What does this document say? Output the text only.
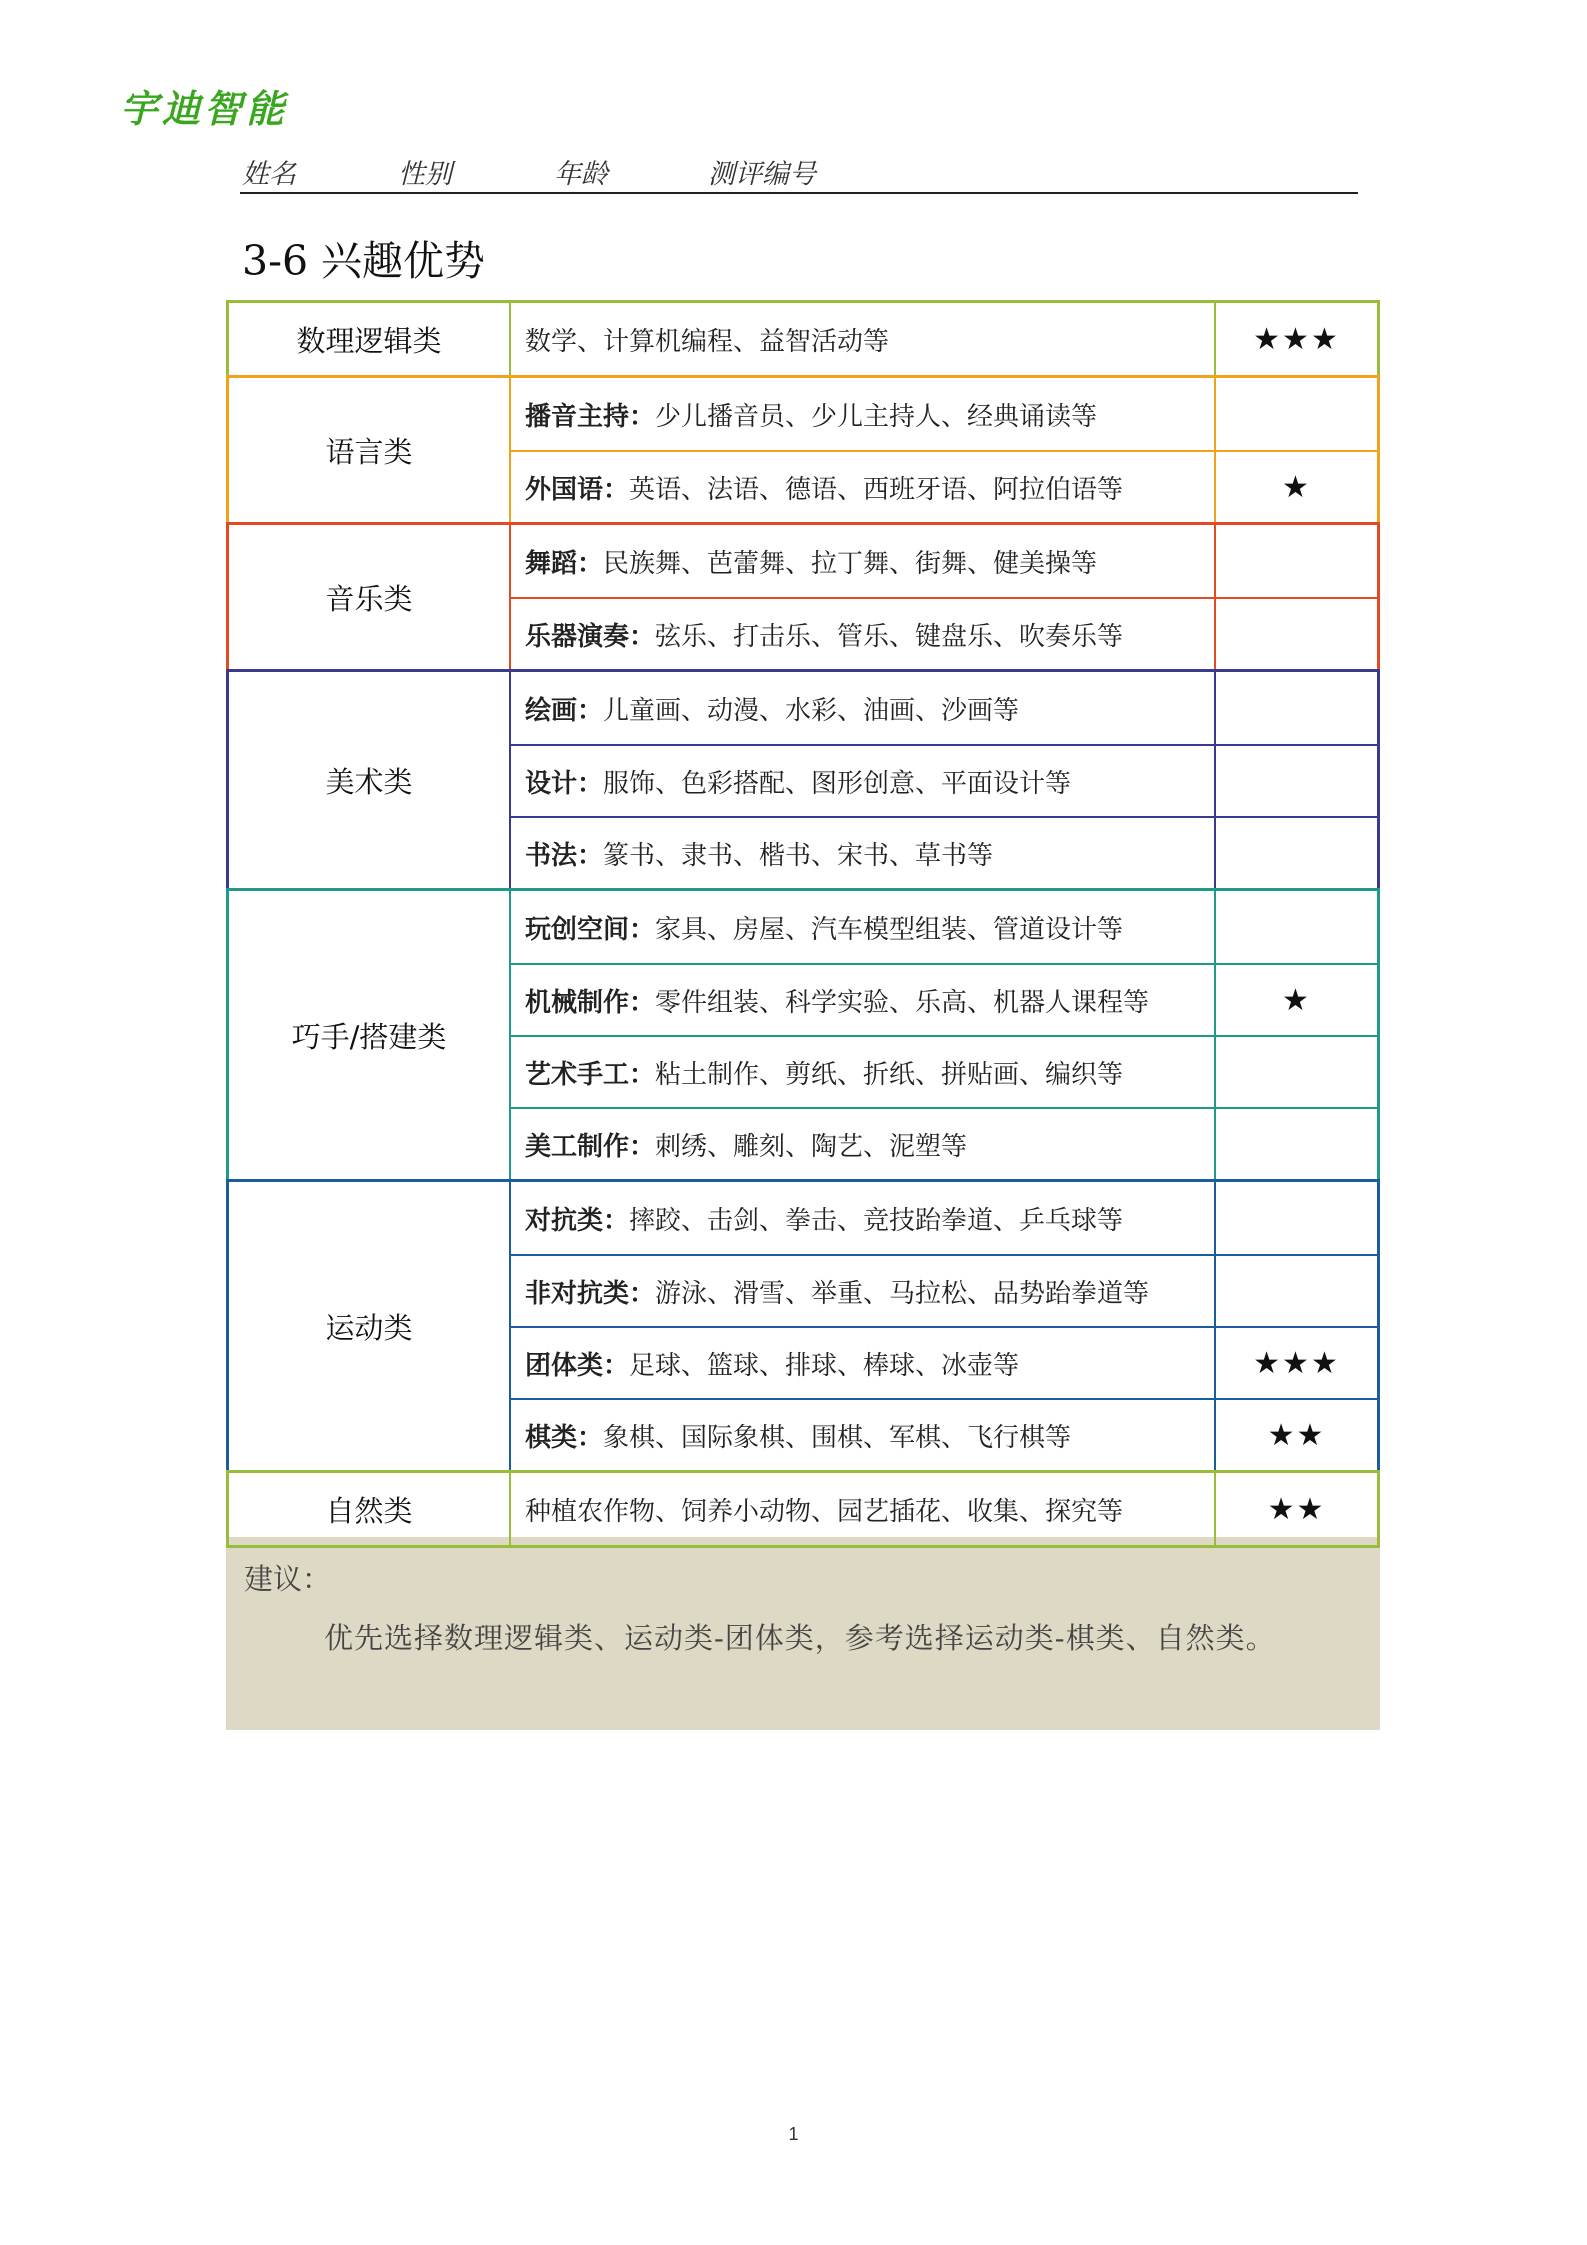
宇迪智能
姓名	性别	年龄	测评编号
3-6 兴趣优势
数理逻辑类	数学、计算机编程、益智活动等	★★★
语言类
播音主持： 少儿播音员、少儿主持人、经典诵读等
外国语： 英语、法语、德语、西班牙语、阿拉伯语等	★
音乐类
舞蹈： 民族舞、芭蕾舞、拉丁舞、街舞、健美操等
乐器演奏： 弦乐、打击乐、管乐、键盘乐、吹奏乐等
美术类
绘画： 儿童画、动漫、水彩、油画、沙画等
设计： 服饰、色彩搭配、图形创意、平面设计等
书法： 篆书、隶书、楷书、宋书、草书等
巧手/搭建类
玩创空间： 家具、房屋、汽车模型组装、管道设计等
机械制作： 零件组装、科学实验、乐高、机器人课程等	★
艺术手工： 粘土制作、剪纸、折纸、拼贴画、编织等
美工制作： 刺绣、雕刻、陶艺、泥塑等
运动类
对抗类： 摔跤、击剑、拳击、竞技跆拳道、乒乓球等
非对抗类： 游泳、滑雪、举重、马拉松、品势跆拳道等
团体类： 足球、篮球、排球、棒球、冰壶等	★★★
棋类： 象棋、国际象棋、围棋、军棋、飞行棋等	★★
自然类	种植农作物、饲养小动物、园艺插花、收集、探究等	★★
建议：
优先选择数理逻辑类、运动类-团体类，参考选择运动类-棋类、自然类。
1
